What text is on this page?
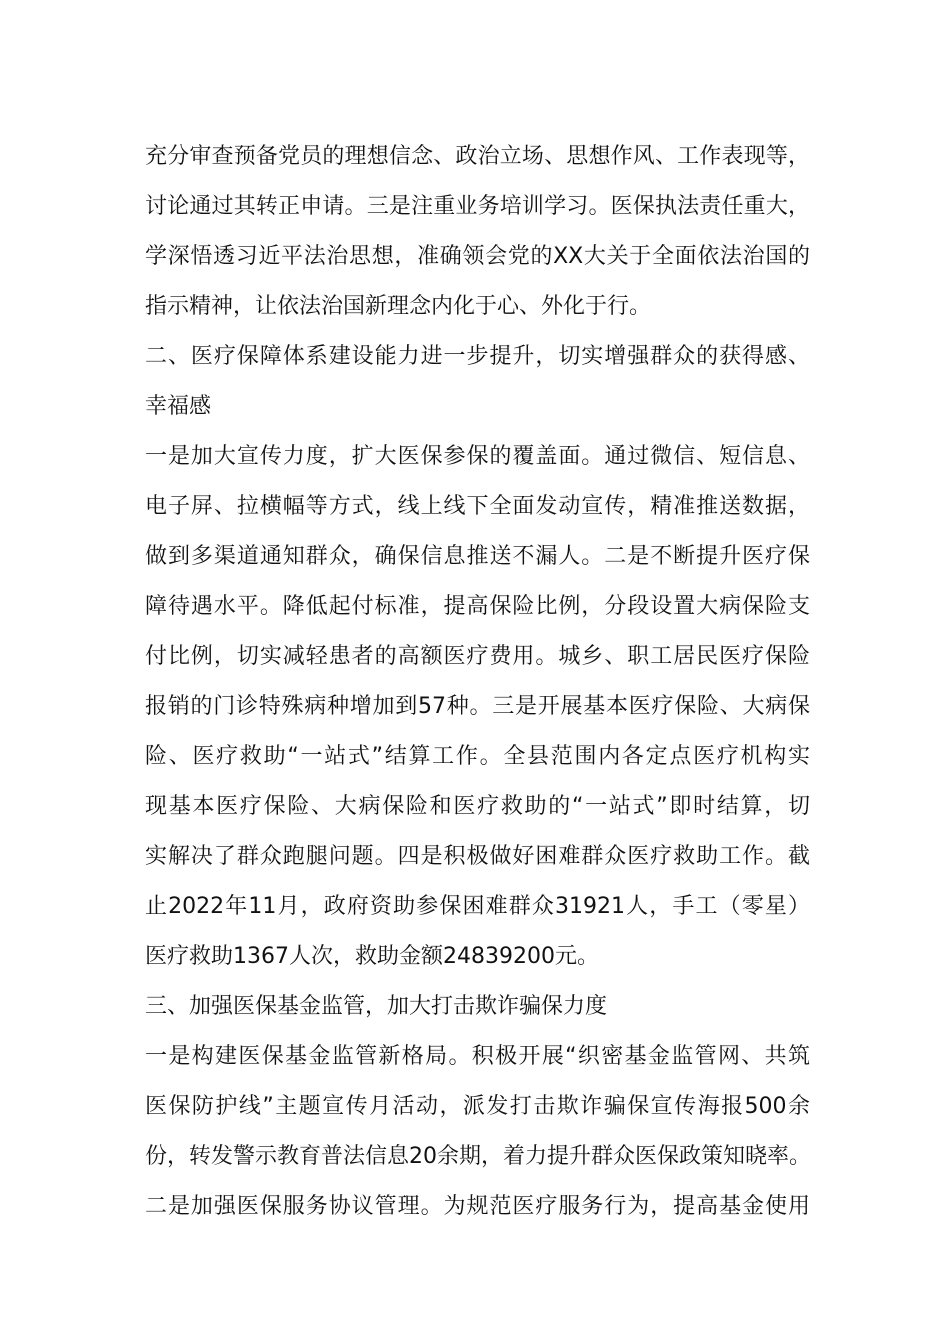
充分审查预备党员的理想信念、政治立场、思想作风、工作表现等，
讨论通过其转正申请。三是注重业务培训学习。医保执法责任重大，
学深悟透习近平法治思想，准确领会党的XX大关于全面依法治国的
指示精神，让依法治国新理念内化于心、外化于行。
二、医疗保障体系建设能力进一步提升，切实增强群众的获得感、
幸福感
一是加大宣传力度，扩大医保参保的覆盖面。通过微信、短信息、
电子屏、拉横幅等方式，线上线下全面发动宣传，精准推送数据，
做到多渠道通知群众，确保信息推送不漏人。二是不断提升医疗保
障待遇水平。降低起付标准，提高保险比例，分段设置大病保险支
付比例，切实减轻患者的高额医疗费用。城乡、职工居民医疗保险
报销的门诊特殊病种增加到57种。三是开展基本医疗保险、大病保
险、医疗救助“一站式”结算工作。全县范围内各定点医疗机构实
现基本医疗保险、大病保险和医疗救助的“一站式”即时结算，切
实解决了群众跑腿问题。四是积极做好困难群众医疗救助工作。截
止2022年11月，政府资助参保困难群众31921人，手工（零星）
医疗救助1367人次，救助金额24839200元。
三、加强医保基金监管，加大打击欺诈骗保力度
一是构建医保基金监管新格局。积极开展“织密基金监管网、共筑
医保防护线”主题宣传月活动，派发打击欺诈骗保宣传海报500余
份，转发警示教育普法信息20余期，着力提升群众医保政策知晓率。
二是加强医保服务协议管理。为规范医疗服务行为，提高基金使用
